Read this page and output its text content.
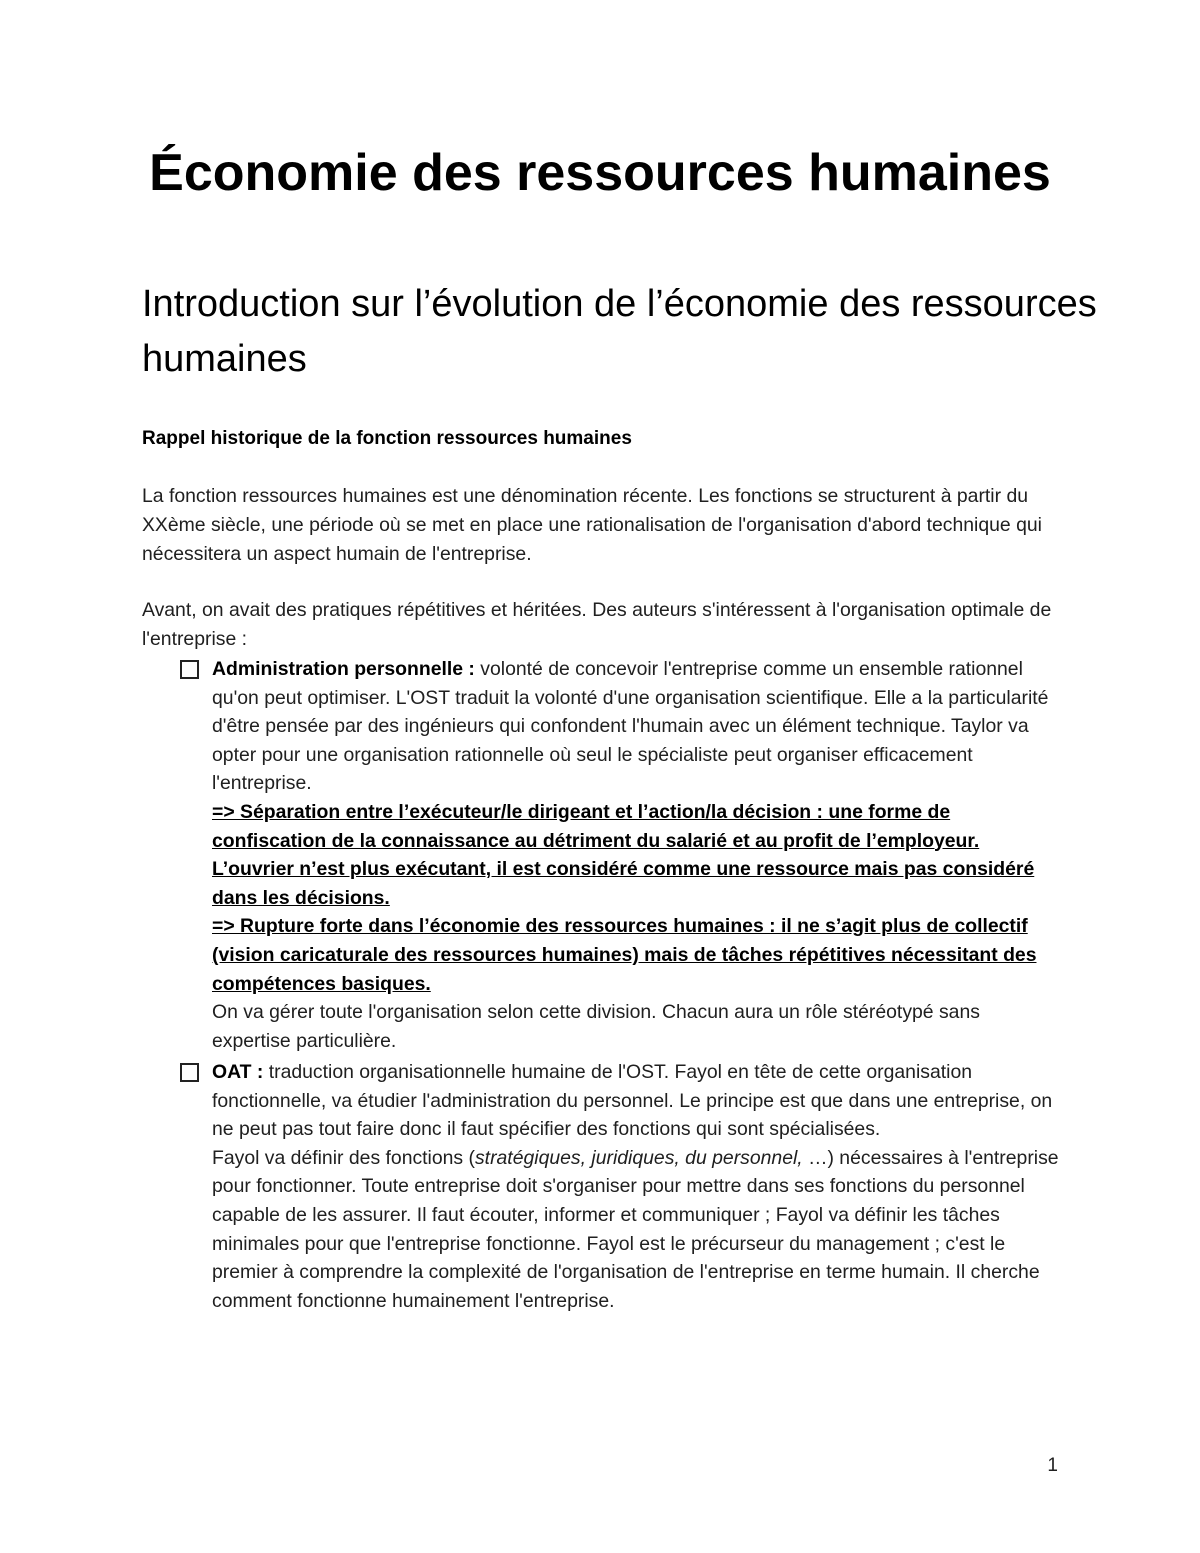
Économie des ressources humaines
Introduction sur l’évolution de l’économie des ressources humaines
Rappel historique de la fonction ressources humaines

La fonction ressources humaines est une dénomination récente. Les fonctions se structurent à partir du XXème siècle, une période où se met en place une rationalisation de l'organisation d'abord technique qui nécessitera un aspect humain de l'entreprise.

Avant, on avait des pratiques répétitives et héritées. Des auteurs s'intéressent à l'organisation optimale de l'entreprise :

Administration personnelle : volonté de concevoir l'entreprise comme un ensemble rationnel qu'on peut optimiser. L'OST traduit la volonté d'une organisation scientifique. Elle a la particularité d'être pensée par des ingénieurs qui confondent l'humain avec un élément technique. Taylor va opter pour une organisation rationnelle où seul le spécialiste peut organiser efficacement l'entreprise.

=> Séparation entre l’exécuteur/le dirigeant et l’action/la décision : une forme de confiscation de la connaissance au détriment du salarié et au profit de l’employeur. L’ouvrier n’est plus exécutant, il est considéré comme une ressource mais pas considéré dans les décisions.

=> Rupture forte dans l’économie des ressources humaines : il ne s’agit plus de collectif (vision caricaturale des ressources humaines) mais de tâches répétitives nécessitant des compétences basiques.

On va gérer toute l'organisation selon cette division. Chacun aura un rôle stéréotypé sans expertise particulière.

OAT : traduction organisationnelle humaine de l'OST. Fayol en tête de cette organisation fonctionnelle, va étudier l'administration du personnel. Le principe est que dans une entreprise, on ne peut pas tout faire donc il faut spécifier des fonctions qui sont spécialisées.

Fayol va définir des fonctions (stratégiques, juridiques, du personnel, …) nécessaires à l'entreprise pour fonctionner. Toute entreprise doit s'organiser pour mettre dans ses fonctions du personnel capable de les assurer. Il faut écouter, informer et communiquer ; Fayol va définir les tâches minimales pour que l'entreprise fonctionne. Fayol est le précurseur du management ; c'est le premier à comprendre la complexité de l'organisation de l'entreprise en terme humain. Il cherche comment fonctionne humainement l'entreprise.

1
